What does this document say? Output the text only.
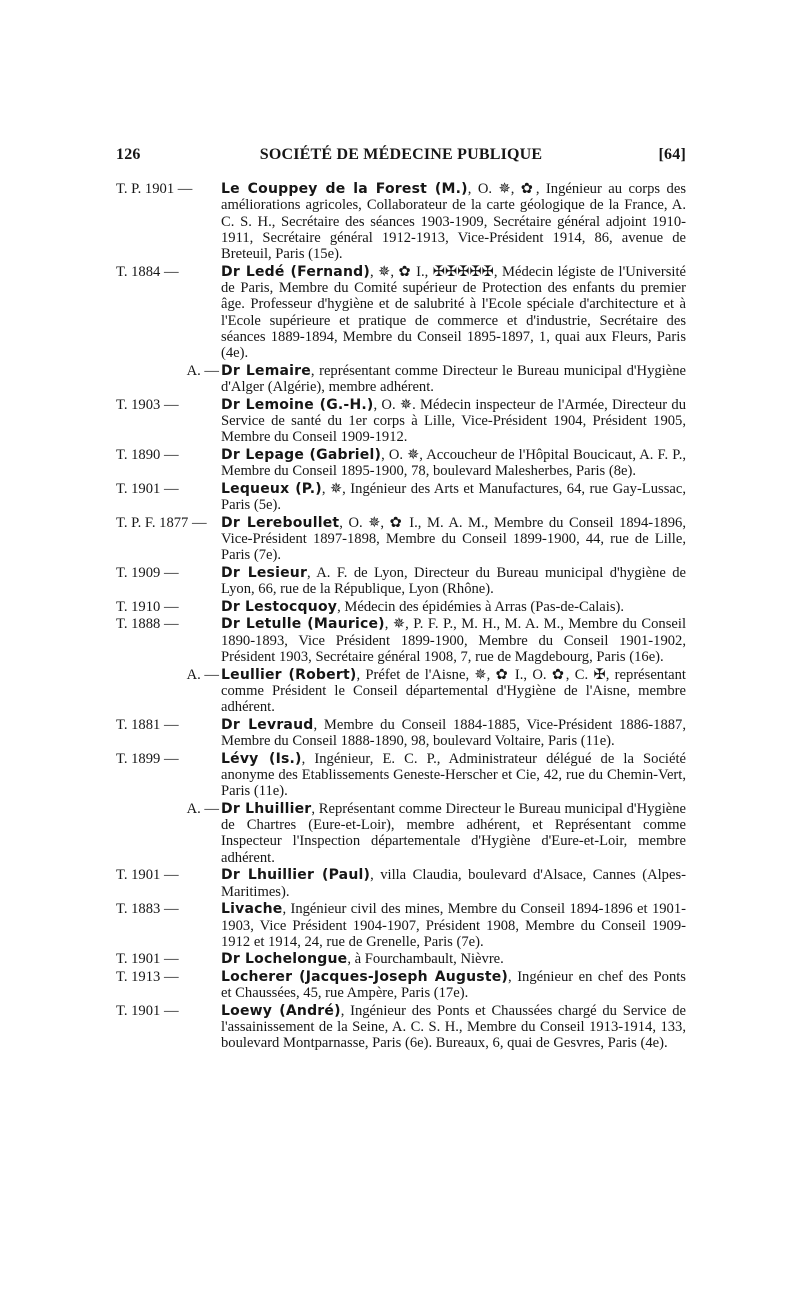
126	SOCIÉTÉ DE MÉDECINE PUBLIQUE	[64]
T. P. 1901 —	Le Couppey de la Forest (M.), O. ✵, ✿, Ingénieur au corps des améliorations agricoles, Collaborateur de la carte géologique de la France, A. C. S. H., Secrétaire des séances 1903-1909, Secrétaire général adjoint 1910-1911, Secrétaire général 1912-1913, Vice-Président 1914, 86, avenue de Breteuil, Paris (15e).
T. 1884 —	Dr Ledé (Fernand), ✵, ✿ I., ✠✠✠✠✠, Médecin légiste de l'Université de Paris, Membre du Comité supérieur de Protection des enfants du premier âge. Professeur d'hygiène et de salubrité à l'Ecole spéciale d'architecture et à l'Ecole supérieure et pratique de commerce et d'industrie, Secrétaire des séances 1889-1894, Membre du Conseil 1895-1897, 1, quai aux Fleurs, Paris (4e).
A. — Dr Lemaire, représentant comme Directeur le Bureau municipal d'Hygiène d'Alger (Algérie), membre adhérent.
T. 1903 —	Dr Lemoine (G.-H.), O. ✵. Médecin inspecteur de l'Armée, Directeur du Service de santé du 1er corps à Lille, Vice-Président 1904, Président 1905, Membre du Conseil 1909-1912.
T. 1890 —	Dr Lepage (Gabriel), O. ✵, Accoucheur de l'Hôpital Boucicaut, A. F. P., Membre du Conseil 1895-1900, 78, boulevard Malesherbes, Paris (8e).
T. 1901 —	Lequeux (P.), ✵, Ingénieur des Arts et Manufactures, 64, rue Gay-Lussac, Paris (5e).
T. P. F. 1877 —	Dr Lereboullet, O. ✵, ✿ I., M. A. M., Membre du Conseil 1894-1896, Vice-Président 1897-1898, Membre du Conseil 1899-1900, 44, rue de Lille, Paris (7e).
T. 1909 —	Dr Lesieur, A. F. de Lyon, Directeur du Bureau municipal d'hygiène de Lyon, 66, rue de la République, Lyon (Rhône).
T. 1910 —	Dr Lestocquoy, Médecin des épidémies à Arras (Pas-de-Calais).
T. 1888 —	Dr Letulle (Maurice), ✵, P. F. P., M. H., M. A. M., Membre du Conseil 1890-1893, Vice Président 1899-1900, Membre du Conseil 1901-1902, Président 1903, Secrétaire général 1908, 7, rue de Magdebourg, Paris (16e).
A. — Leullier (Robert), Préfet de l'Aisne, ✵, ✿ I., O. ✿, C. ✠, représentant comme Président le Conseil départemental d'Hygiène de l'Aisne, membre adhérent.
T. 1881 —	Dr Levraud, Membre du Conseil 1884-1885, Vice-Président 1886-1887, Membre du Conseil 1888-1890, 98, boulevard Voltaire, Paris (11e).
T. 1899 —	Lévy (Is.), Ingénieur, E. C. P., Administrateur délégué de la Société anonyme des Etablissements Geneste-Herscher et Cie, 42, rue du Chemin-Vert, Paris (11e).
A. — Dr Lhuillier, Représentant comme Directeur le Bureau municipal d'Hygiène de Chartres (Eure-et-Loir), membre adhérent, et Représentant comme Inspecteur l'Inspection départementale d'Hygiène d'Eure-et-Loir, membre adhérent.
T. 1901 —	Dr Lhuillier (Paul), villa Claudia, boulevard d'Alsace, Cannes (Alpes-Maritimes).
T. 1883 —	Livache, Ingénieur civil des mines, Membre du Conseil 1894-1896 et 1901-1903, Vice Président 1904-1907, Président 1908, Membre du Conseil 1909-1912 et 1914, 24, rue de Grenelle, Paris (7e).
T. 1901 —	Dr Lochelongue, à Fourchambault, Nièvre.
T. 1913 —	Locherer (Jacques-Joseph Auguste), Ingénieur en chef des Ponts et Chaussées, 45, rue Ampère, Paris (17e).
T. 1901 —	Loewy (André), Ingénieur des Ponts et Chaussées chargé du Service de l'assainissement de la Seine, A. C. S. H., Membre du Conseil 1913-1914, 133, boulevard Montparnasse, Paris (6e). Bureaux, 6, quai de Gesvres, Paris (4e).
